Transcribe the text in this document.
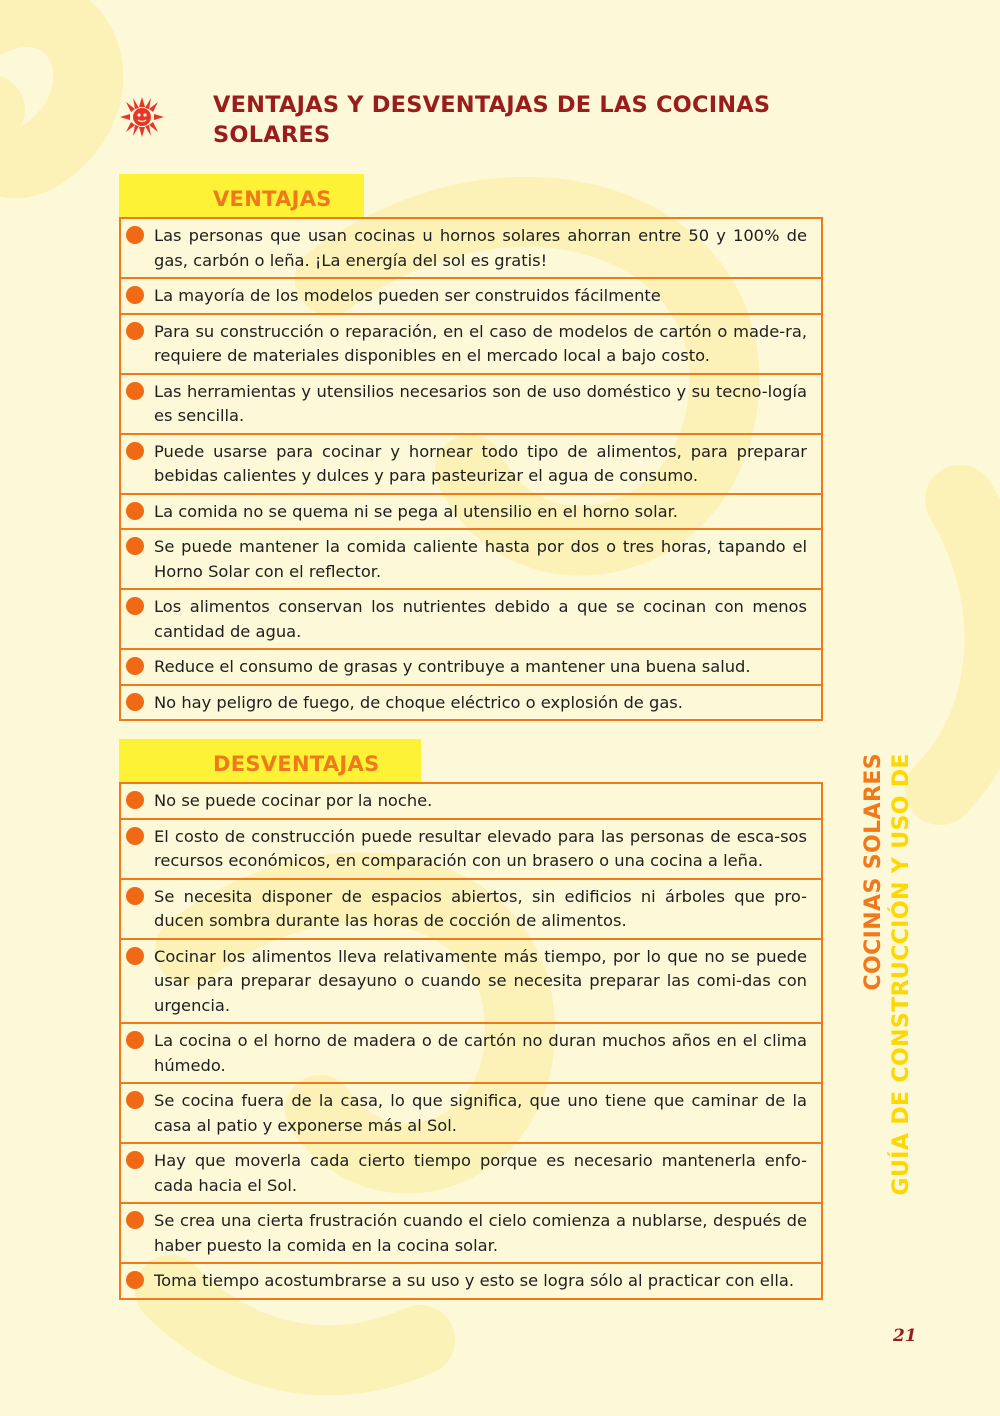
VENTAJAS Y DESVENTAJAS DE LAS COCINAS
SOLARES
VENTAJAS
Las personas que usan cocinas u hornos solares ahorran entre 50 y 100% de gas, carbón o leña. ¡La energía del sol es gratis!
La mayoría de los modelos pueden ser construidos fácilmente
Para su construcción o reparación, en el caso de modelos de cartón o made-ra, requiere de materiales disponibles en el mercado local a bajo costo.
Las herramientas y utensilios necesarios son de uso doméstico y su tecno-logía es sencilla.
Puede usarse para cocinar y hornear todo tipo de alimentos, para preparar bebidas calientes y dulces y para pasteurizar el agua de consumo.
La comida no se quema ni se pega al utensilio en el horno solar.
Se puede mantener la comida caliente hasta por dos o tres horas, tapando el Horno Solar con el reflector.
Los alimentos conservan los nutrientes debido a que se cocinan con menos cantidad de agua.
Reduce el consumo de grasas y contribuye a mantener una buena salud.
No hay peligro de fuego, de choque eléctrico o explosión de gas.
DESVENTAJAS
No se puede cocinar por la noche.
El costo de construcción puede resultar elevado para las personas de esca-sos recursos económicos, en comparación con un brasero o una cocina a leña.
Se necesita disponer de espacios abiertos, sin edificios ni árboles que pro-ducen sombra durante las horas de cocción de alimentos.
Cocinar los alimentos lleva relativamente más tiempo, por lo que no se puede usar para preparar desayuno o cuando se necesita preparar las comi-das con urgencia.
La cocina o el horno de madera o de cartón no duran muchos años en el clima húmedo.
Se cocina fuera de la casa, lo que significa, que uno tiene que caminar de la casa al patio y exponerse más al Sol.
Hay que moverla cada cierto tiempo porque es necesario mantenerla enfo-cada hacia el Sol.
Se crea una cierta frustración cuando el cielo comienza a nublarse, después de haber puesto la comida en la cocina solar.
Toma tiempo acostumbrarse a su uso y esto se logra sólo al practicar con ella.
COCINAS SOLARES GUÍA DE CONSTRUCCIÓN Y USO DE
21
